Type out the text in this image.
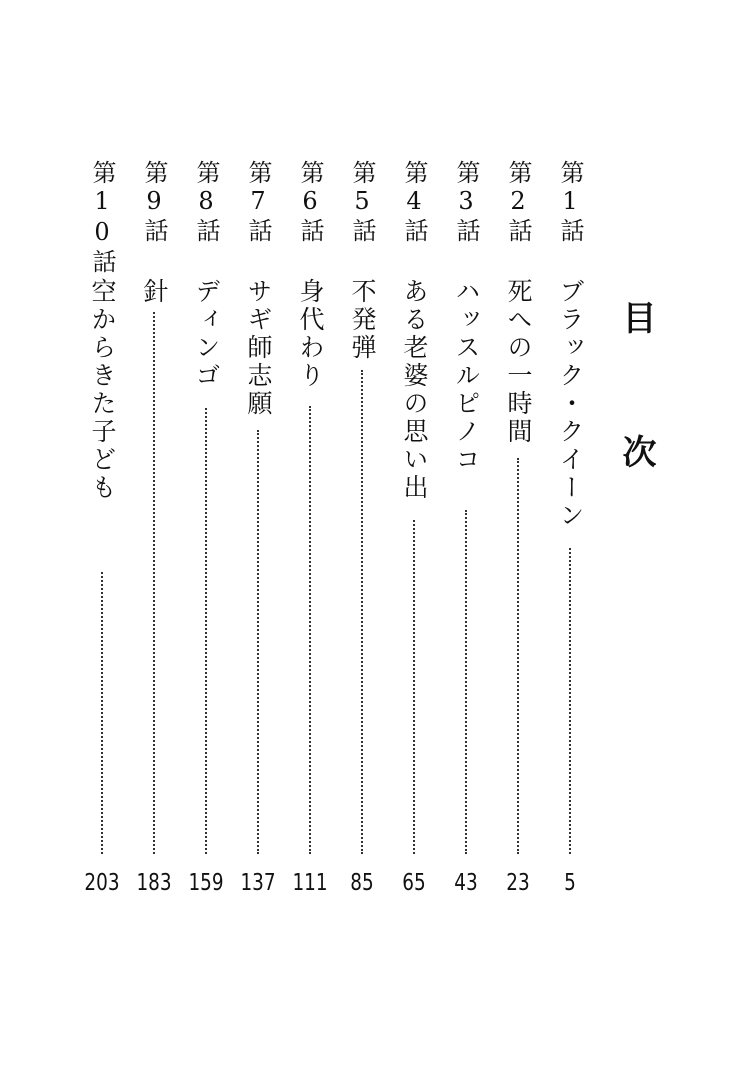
目 次
第1話
ブラック・クイーン
5
第2話
死への一時間
23
第3話
ハッスルピノコ
43
第4話
ある老婆の思い出
65
第5話
不発弾
85
第6話
身代わり
111
第7話
サギ師志願
137
第8話
ディンゴ
159
第9話
針
183
第10話
空からきた子ども
203
